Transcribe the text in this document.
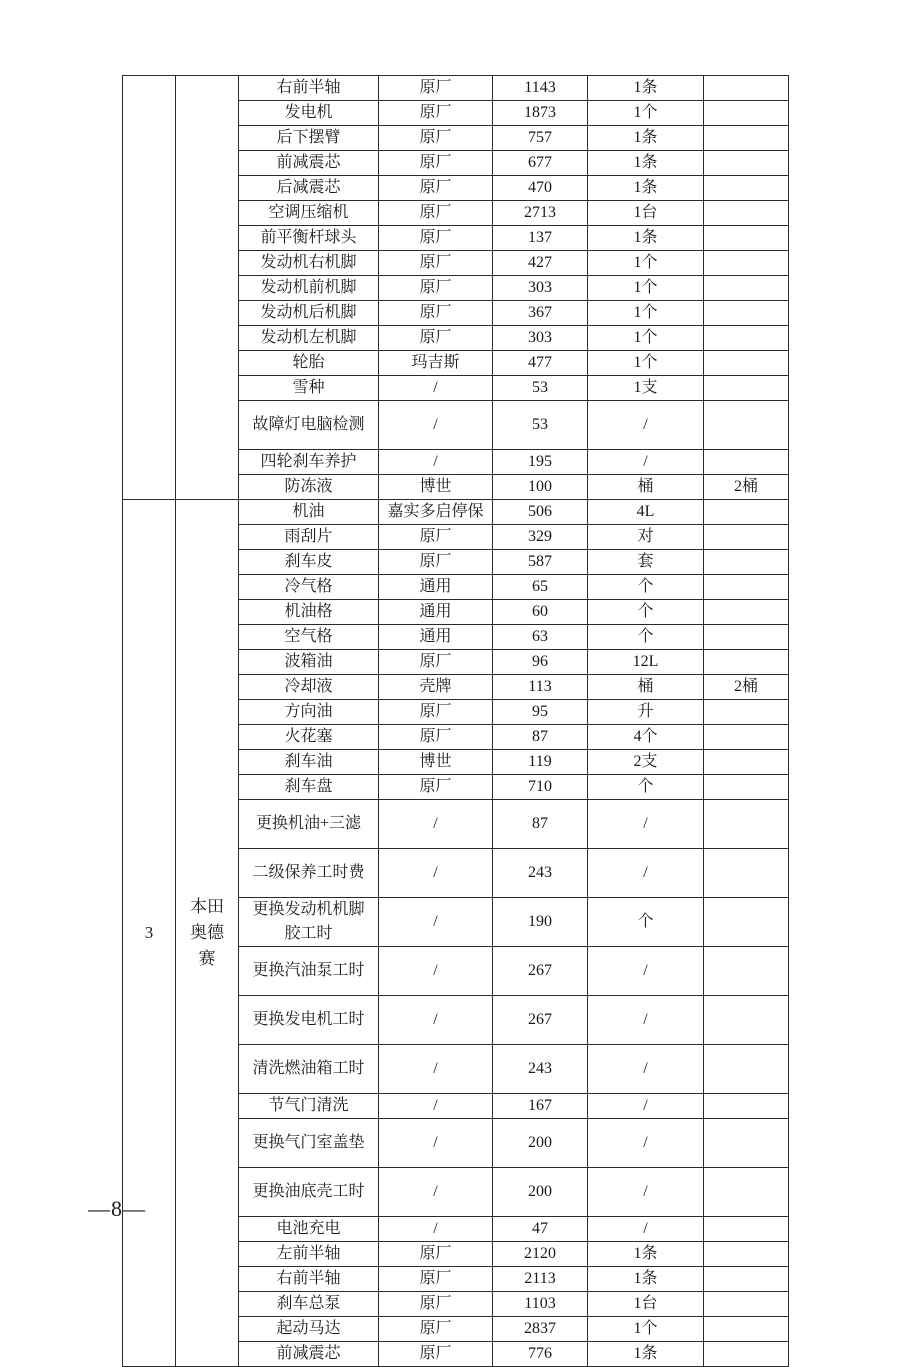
		右前半轴	原厂	1143	1条	
		发电机	原厂	1873	1个	
		后下摆臂	原厂	757	1条	
		前减震芯	原厂	677	1条	
		后减震芯	原厂	470	1条	
		空调压缩机	原厂	2713	1台	
		前平衡杆球头	原厂	137	1条	
		发动机右机脚	原厂	427	1个	
		发动机前机脚	原厂	303	1个	
		发动机后机脚	原厂	367	1个	
		发动机左机脚	原厂	303	1个	
		轮胎	玛吉斯	477	1个	
		雪种	/	53	1支	
		故障灯电脑检测	/	53	/	
		四轮刹车养护	/	195	/	
		防冻液	博世	100	桶	2桶
3	本田奥德赛	机油	嘉实多启停保	506	4L	
		雨刮片	原厂	329	对	
		刹车皮	原厂	587	套	
		冷气格	通用	65	个	
		机油格	通用	60	个	
		空气格	通用	63	个	
		波箱油	原厂	96	12L	
		冷却液	壳牌	113	桶	2桶
		方向油	原厂	95	升	
		火花塞	原厂	87	4个	
		刹车油	博世	119	2支	
		刹车盘	原厂	710	个	
		更换机油+三滤	/	87	/	
		二级保养工时费	/	243	/	
		更换发动机机脚胶工时	/	190	个	
		更换汽油泵工时	/	267	/	
		更换发电机工时	/	267	/	
		清洗燃油箱工时	/	243	/	
		节气门清洗	/	167	/	
		更换气门室盖垫	/	200	/	
		更换油底壳工时	/	200	/	
		电池充电	/	47	/	
		左前半轴	原厂	2120	1条	
		右前半轴	原厂	2113	1条	
		刹车总泵	原厂	1103	1台	
		起动马达	原厂	2837	1个	
		前减震芯	原厂	776	1条	
—8—
